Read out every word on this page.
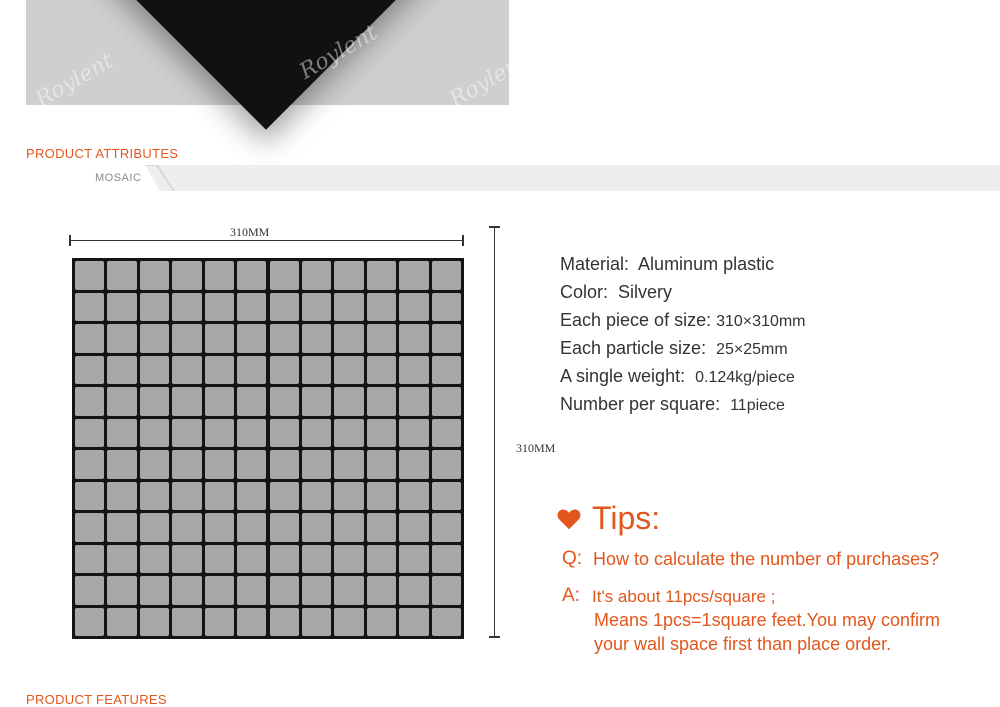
Roylent	Roylent	Roylent
PRODUCT ATTRIBUTES
MOSAIC
310MM
310MM
Material: Aluminum plastic
Color: Silvery
Each piece of size: 310×310mm
Each particle size: 25×25mm
A single weight: 0.124kg/piece
Number per square: 11piece
Tips:
Q: How to calculate the number of purchases?
A: It's about 11pcs/square ;
Means 1pcs=1square feet.You may confirm
your wall space first than place order.
PRODUCT FEATURES
